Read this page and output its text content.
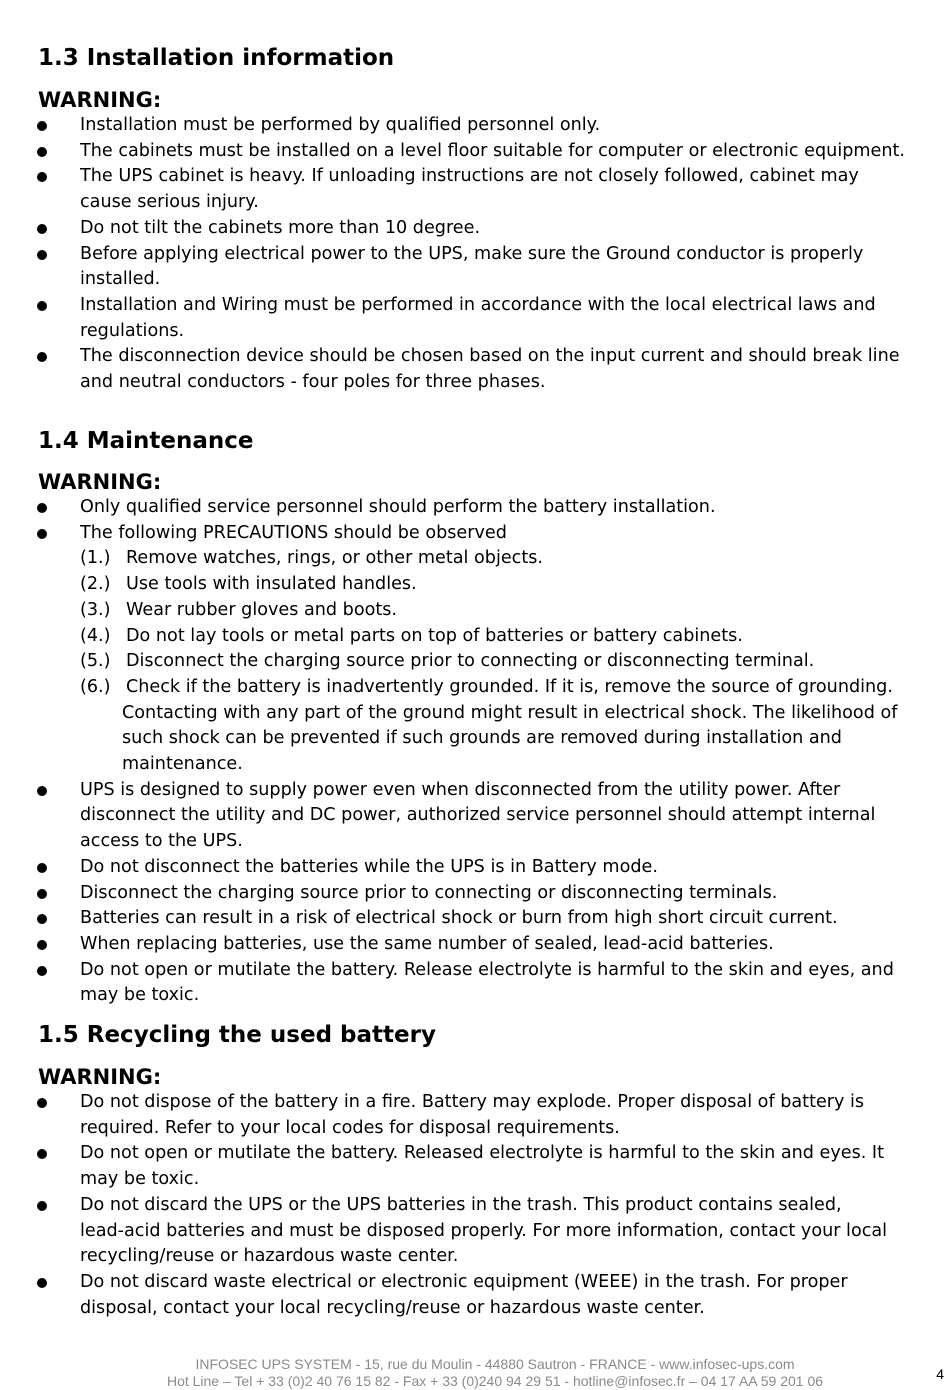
1.3 Installation information
WARNING:
Installation must be performed by qualified personnel only.
The cabinets must be installed on a level floor suitable for computer or electronic equipment.
The UPS cabinet is heavy. If unloading instructions are not closely followed, cabinet may
cause serious injury.
Do not tilt the cabinets more than 10 degree.
Before applying electrical power to the UPS, make sure the Ground conductor is properly
installed.
Installation and Wiring must be performed in accordance with the local electrical laws and
regulations.
The disconnection device should be chosen based on the input current and should break line
and neutral conductors - four poles for three phases.
1.4 Maintenance
WARNING:
Only qualified service personnel should perform the battery installation.
The following PRECAUTIONS should be observed
(1.) Remove watches, rings, or other metal objects.
(2.) Use tools with insulated handles.
(3.) Wear rubber gloves and boots.
(4.) Do not lay tools or metal parts on top of batteries or battery cabinets.
(5.) Disconnect the charging source prior to connecting or disconnecting terminal.
(6.) Check if the battery is inadvertently grounded. If it is, remove the source of grounding.
Contacting with any part of the ground might result in electrical shock. The likelihood of
such shock can be prevented if such grounds are removed during installation and
maintenance.
UPS is designed to supply power even when disconnected from the utility power. After
disconnect the utility and DC power, authorized service personnel should attempt internal
access to the UPS.
Do not disconnect the batteries while the UPS is in Battery mode.
Disconnect the charging source prior to connecting or disconnecting terminals.
Batteries can result in a risk of electrical shock or burn from high short circuit current.
When replacing batteries, use the same number of sealed, lead-acid batteries.
Do not open or mutilate the battery. Release electrolyte is harmful to the skin and eyes, and
may be toxic.
1.5 Recycling the used battery
WARNING:
Do not dispose of the battery in a fire. Battery may explode. Proper disposal of battery is
required. Refer to your local codes for disposal requirements.
Do not open or mutilate the battery. Released electrolyte is harmful to the skin and eyes. It
may be toxic.
Do not discard the UPS or the UPS batteries in the trash. This product contains sealed,
lead-acid batteries and must be disposed properly. For more information, contact your local
recycling/reuse or hazardous waste center.
Do not discard waste electrical or electronic equipment (WEEE) in the trash. For proper
disposal, contact your local recycling/reuse or hazardous waste center.
4
INFOSEC UPS SYSTEM - 15, rue du Moulin - 44880 Sautron - FRANCE - www.infosec-ups.com
Hot Line – Tel + 33 (0)2 40 76 15 82 - Fax + 33 (0)240 94 29 51 - hotline@infosec.fr – 04 17 AA 59 201 06
